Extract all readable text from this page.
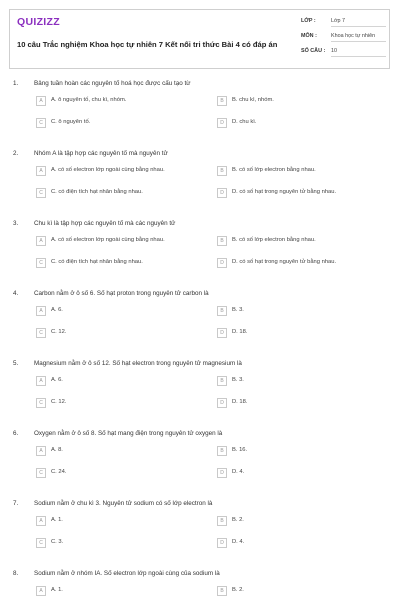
QUIZIZZ
10 câu Trắc nghiệm Khoa học tự nhiên 7 Kết nối tri thức Bài 4 có đáp án
LỚP :	Lớp 7
MÔN :	Khoa học tự nhiên
SỐ CÂU : 10
1. Bảng tuần hoàn các nguyên tố hoá học được cấu tạo từ
A	A. ô nguyên tố, chu kì, nhóm.	B	B. chu kì, nhóm.
C	C. ô nguyên tố.	D	D. chu kì.
2. Nhóm A là tập hợp các nguyên tố mà nguyên tử
A	A. có số electron lớp ngoài cùng bằng nhau.	B	B. có số lớp electron bằng nhau.
C	C. có điện tích hạt nhân bằng nhau.	D	D. có số hạt trong nguyên tử bằng nhau.
3. Chu kì là tập hợp các nguyên tố mà các nguyên tử
A	A. có số electron lớp ngoài cùng bằng nhau.	B	B. có số lớp electron bằng nhau.
C	C. có điện tích hạt nhân bằng nhau.	D	D. có số hạt trong nguyên tử bằng nhau.
4. Carbon nằm ở ô số 6. Số hạt proton trong nguyên tử carbon là
A	A. 6.	B	B. 3.
C	C. 12.	D	D. 18.
5. Magnesium nằm ở ô số 12. Số hạt electron trong nguyên tử magnesium là
A	A. 6.	B	B. 3.
C	C. 12.	D	D. 18.
6. Oxygen nằm ở ô số 8. Số hạt mang điện trong nguyên tử oxygen là
A	A. 8.	B	B. 16.
C	C. 24.	D	D. 4.
7. Sodium nằm ở chu kì 3. Nguyên tử sodium có số lớp electron là
A	A. 1.	B	B. 2.
C	C. 3.	D	D. 4.
8. Sodium nằm ở nhóm IA. Số electron lớp ngoài cùng của sodium là
A	A. 1.	B	B. 2.
